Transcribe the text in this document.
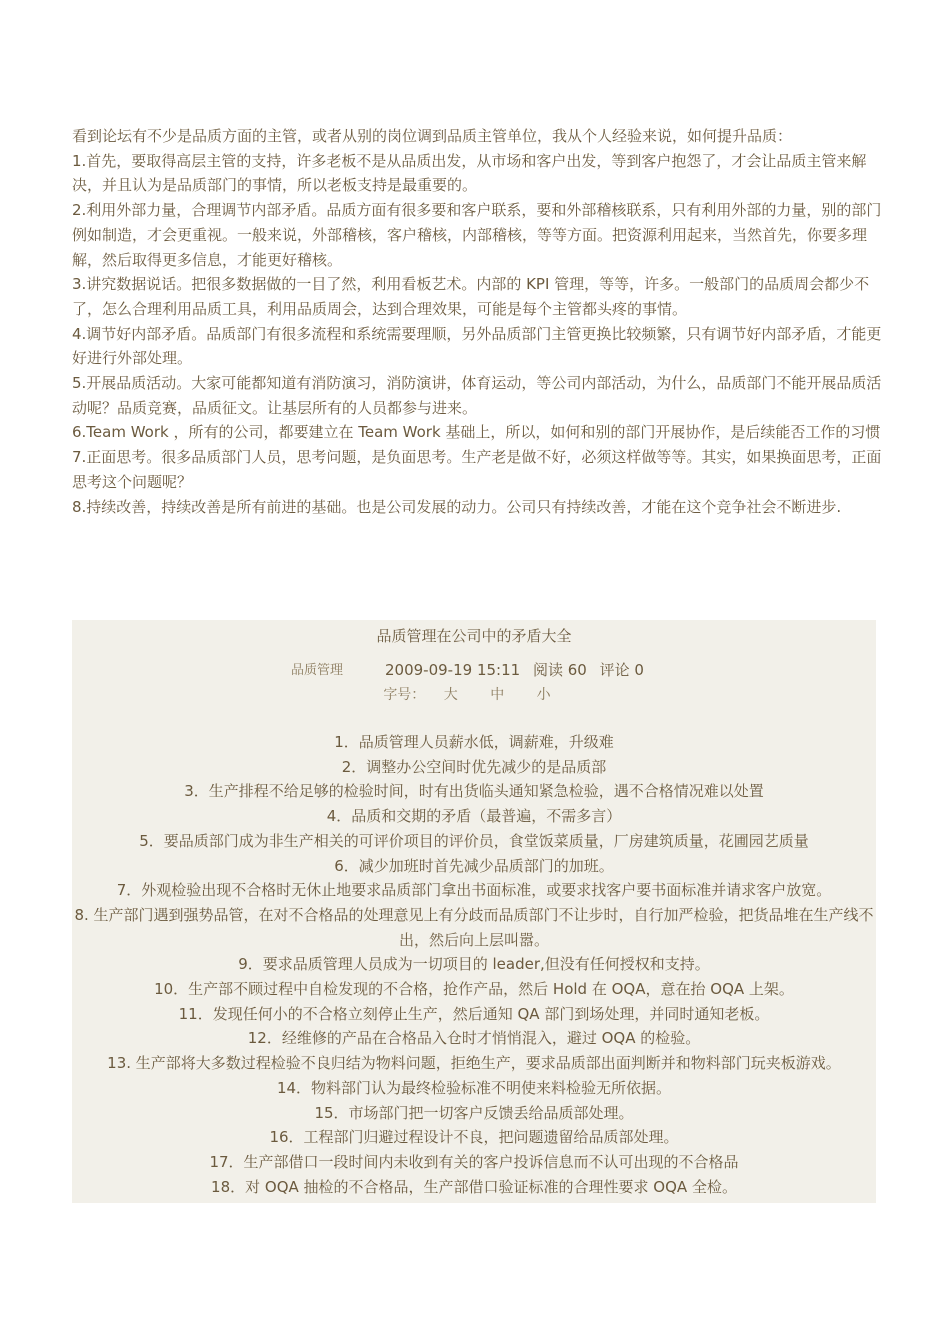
看到论坛有不少是品质方面的主管，或者从别的岗位调到品质主管单位，我从个人经验来说，如何提升品质：

1.首先，要取得高层主管的支持，许多老板不是从品质出发，从市场和客户出发，等到客户抱怨了，才会让品质主管来解决，并且认为是品质部门的事情，所以老板支持是最重要的。

2.利用外部力量，合理调节内部矛盾。品质方面有很多要和客户联系，要和外部稽核联系，只有利用外部的力量，别的部门例如制造，才会更重视。一般来说，外部稽核，客户稽核，内部稽核，等等方面。把资源利用起来，当然首先，你要多理解，然后取得更多信息，才能更好稽核。

3.讲究数据说话。把很多数据做的一目了然，利用看板艺术。内部的 KPI 管理，等等，许多。一般部门的品质周会都少不了，怎么合理利用品质工具，利用品质周会，达到合理效果，可能是每个主管都头疼的事情。

4.调节好内部矛盾。品质部门有很多流程和系统需要理顺，另外品质部门主管更换比较频繁，只有调节好内部矛盾，才能更好进行外部处理。

5.开展品质活动。大家可能都知道有消防演习，消防演讲，体育运动，等公司内部活动，为什么，品质部门不能开展品质活动呢？品质竞赛，品质征文。让基层所有的人员都参与进来。

6.Team Work ，所有的公司，都要建立在 Team Work 基础上，所以，如何和别的部门开展协作，是后续能否工作的习惯

7.正面思考。很多品质部门人员，思考问题，是负面思考。生产老是做不好，必须这样做等等。其实，如果换面思考，正面思考这个问题呢？

8.持续改善，持续改善是所有前进的基础。也是公司发展的动力。公司只有持续改善，才能在这个竞争社会不断进步.

品质管理在公司中的矛盾大全
品质管理	2009-09-19 15:11 阅读 60 评论 0
字号： 大 中 小
1．品质管理人员薪水低，调薪难，升级难
2．调整办公空间时优先减少的是品质部
3．生产排程不给足够的检验时间，时有出货临头通知紧急检验，遇不合格情况难以处置
4．品质和交期的矛盾（最普遍，不需多言）
5．要品质部门成为非生产相关的可评价项目的评价员，食堂饭菜质量，厂房建筑质量，花圃园艺质量
6．减少加班时首先减少品质部门的加班。
7．外观检验出现不合格时无休止地要求品质部门拿出书面标准，或要求找客户要书面标准并请求客户放宽。
8. 生产部门遇到强势品管，在对不合格品的处理意见上有分歧而品质部门不让步时，自行加严检验，把货品堆在生产线不出，然后向上层叫嚣。
9．要求品质管理人员成为一切项目的 leader,但没有任何授权和支持。
10．生产部不顾过程中自检发现的不合格，抢作产品，然后 Hold 在 OQA，意在抬 OQA 上架。
11．发现任何小的不合格立刻停止生产，然后通知 QA 部门到场处理，并同时通知老板。
12．经维修的产品在合格品入仓时才悄悄混入，避过 OQA 的检验。
13. 生产部将大多数过程检验不良归结为物料问题，拒绝生产，要求品质部出面判断并和物料部门玩夹板游戏。
14．物料部门认为最终检验标准不明使来料检验无所依据。
15．市场部门把一切客户反馈丢给品质部处理。
16．工程部门归避过程设计不良，把问题遗留给品质部处理。
17．生产部借口一段时间内未收到有关的客户投诉信息而不认可出现的不合格品
18．对 OQA 抽检的不合格品，生产部借口验证标准的合理性要求 OQA 全检。
